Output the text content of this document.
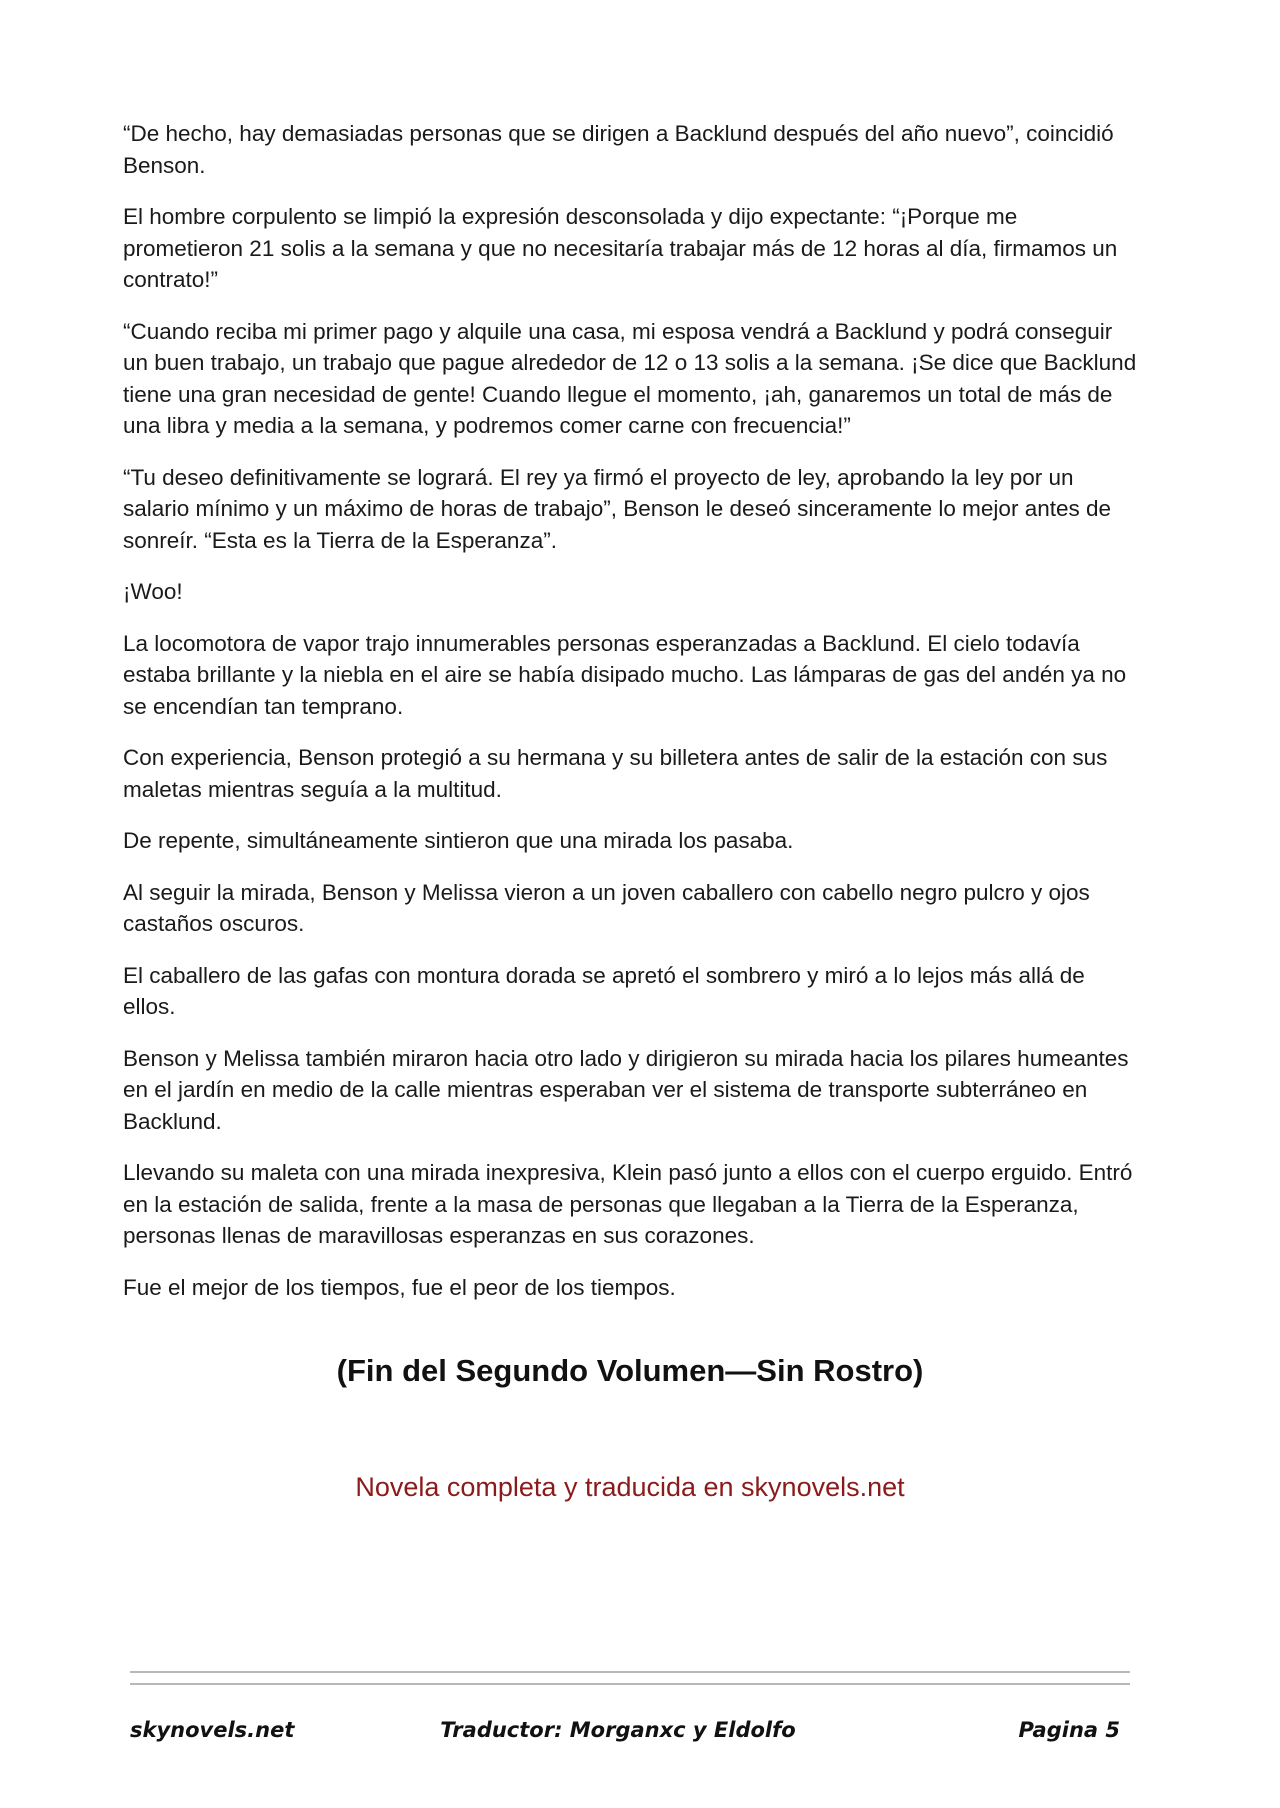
“De hecho, hay demasiadas personas que se dirigen a Backlund después del año nuevo”, coincidió Benson.

El hombre corpulento se limpió la expresión desconsolada y dijo expectante: “¡Porque me prometieron 21 solis a la semana y que no necesitaría trabajar más de 12 horas al día, firmamos un contrato!”

“Cuando reciba mi primer pago y alquile una casa, mi esposa vendrá a Backlund y podrá conseguir un buen trabajo, un trabajo que pague alrededor de 12 o 13 solis a la semana. ¡Se dice que Backlund tiene una gran necesidad de gente! Cuando llegue el momento, ¡ah, ganaremos un total de más de una libra y media a la semana, y podremos comer carne con frecuencia!”

“Tu deseo definitivamente se logrará. El rey ya firmó el proyecto de ley, aprobando la ley por un salario mínimo y un máximo de horas de trabajo”, Benson le deseó sinceramente lo mejor antes de sonreír. “Esta es la Tierra de la Esperanza”.

¡Woo!

La locomotora de vapor trajo innumerables personas esperanzadas a Backlund. El cielo todavía estaba brillante y la niebla en el aire se había disipado mucho. Las lámparas de gas del andén ya no se encendían tan temprano.

Con experiencia, Benson protegió a su hermana y su billetera antes de salir de la estación con sus maletas mientras seguía a la multitud.

De repente, simultáneamente sintieron que una mirada los pasaba.

Al seguir la mirada, Benson y Melissa vieron a un joven caballero con cabello negro pulcro y ojos castaños oscuros.

El caballero de las gafas con montura dorada se apretó el sombrero y miró a lo lejos más allá de ellos.

Benson y Melissa también miraron hacia otro lado y dirigieron su mirada hacia los pilares humeantes en el jardín en medio de la calle mientras esperaban ver el sistema de transporte subterráneo en Backlund.

Llevando su maleta con una mirada inexpresiva, Klein pasó junto a ellos con el cuerpo erguido. Entró en la estación de salida, frente a la masa de personas que llegaban a la Tierra de la Esperanza, personas llenas de maravillosas esperanzas en sus corazones.

Fue el mejor de los tiempos, fue el peor de los tiempos.

(Fin del Segundo Volumen—Sin Rostro)
Novela completa y traducida en skynovels.net
skynovels.net	Traductor: Morganxc y Eldolfo	Pagina 5
